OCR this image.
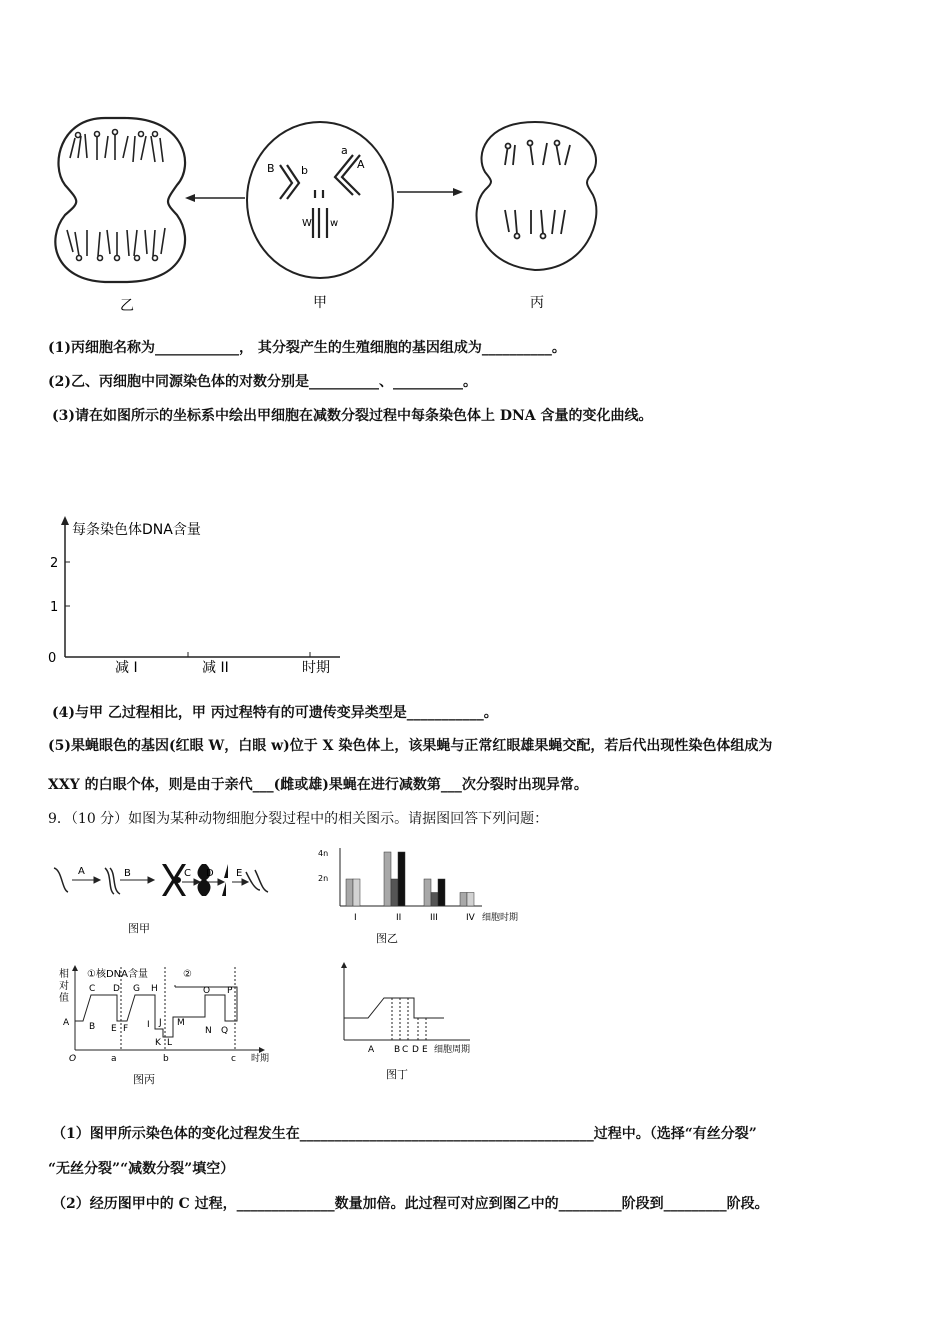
B b
a
A
W w
乙	甲	丙
(1)丙细胞名称为____________， 其分裂产生的生殖细胞的基因组成为__________。
(2)乙、丙细胞中同源染色体的对数分别是__________、__________。
(3)请在如图所示的坐标系中绘出甲细胞在减数分裂过程中每条染色体上 DNA 含量的变化曲线。
每条染色体DNA含量
2
1
0
减 I	减 II	时期
(4)与甲 乙过程相比，甲 丙过程特有的可遗传变异类型是___________。
(5)果蝇眼色的基因(红眼 W，白眼 w)位于 X 染色体上，该果蝇与正常红眼雄果蝇交配，若后代出现性染色体组成为
XXY 的白眼个体，则是由于亲代___(雌或雄)果蝇在进行减数第___次分裂时出现异常。
9．（10 分）如图为某种动物细胞分裂过程中的相关图示。请据图回答下列问题：
A	B	C D E
图甲
4n
2n
I	II	III	IV 细胞时期
图乙
相
对
值
①核DNA含量	②
A B
C D
E F
G H
I J
K L
M
N
O P
Q
O	a	b	c 时期
图丙
A B C D E 细胞周期
图丁
（1）图甲所示染色体的变化过程发生在__________________________________________过程中。（选择“有丝分裂”
“无丝分裂”“减数分裂”填空）
（2）经历图甲中的 C 过程，______________数量加倍。此过程可对应到图乙中的_________阶段到_________阶段。
